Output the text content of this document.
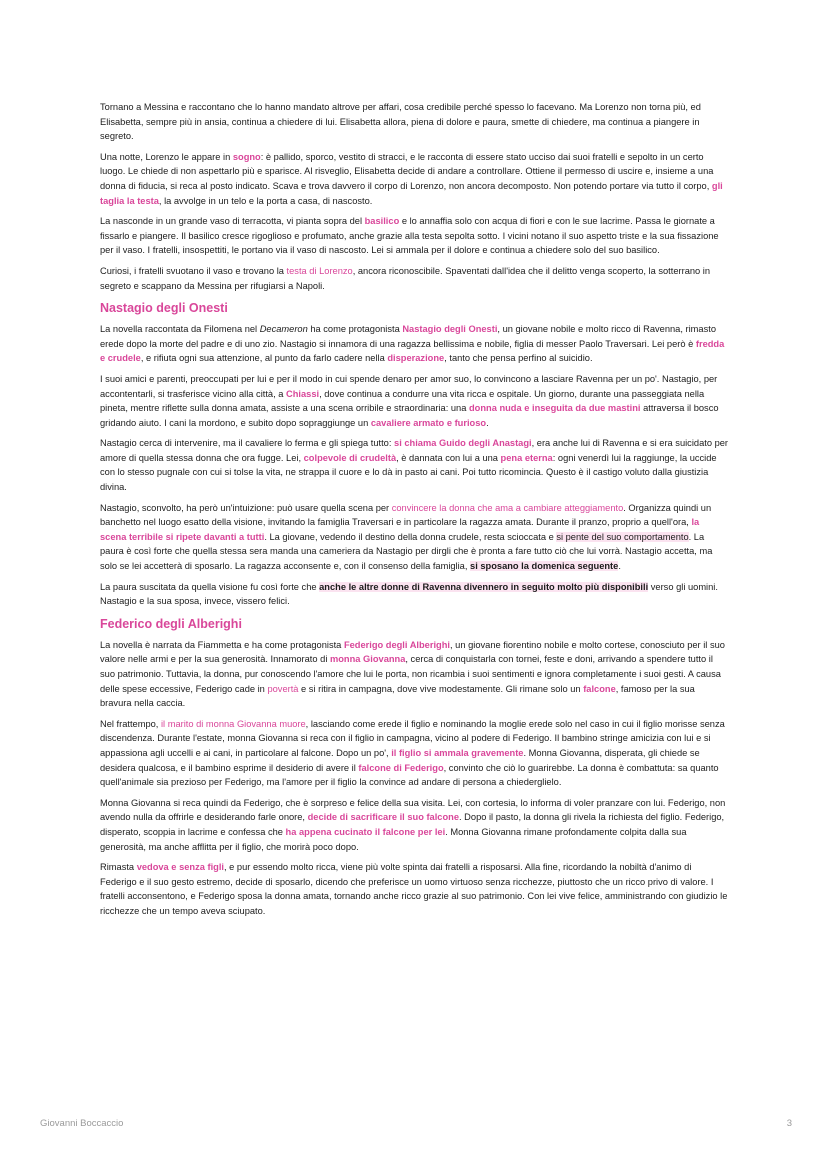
Tornano a Messina e raccontano che lo hanno mandato altrove per affari, cosa credibile perché spesso lo facevano. Ma Lorenzo non torna più, ed Elisabetta, sempre più in ansia, continua a chiedere di lui. Elisabetta allora, piena di dolore e paura, smette di chiedere, ma continua a piangere in segreto.

Una notte, Lorenzo le appare in sogno: è pallido, sporco, vestito di stracci, e le racconta di essere stato ucciso dai suoi fratelli e sepolto in un certo luogo. Le chiede di non aspettarlo più e sparisce. Al risveglio, Elisabetta decide di andare a controllare. Ottiene il permesso di uscire e, insieme a una donna di fiducia, si reca al posto indicato. Scava e trova davvero il corpo di Lorenzo, non ancora decomposto. Non potendo portare via tutto il corpo, gli taglia la testa, la avvolge in un telo e la porta a casa, di nascosto.

La nasconde in un grande vaso di terracotta, vi pianta sopra del basilico e lo annaffia solo con acqua di fiori e con le sue lacrime. Passa le giornate a fissarlo e piangere. Il basilico cresce rigoglioso e profumato, anche grazie alla testa sepolta sotto. I vicini notano il suo aspetto triste e la sua fissazione per il vaso. I fratelli, insospettiti, le portano via il vaso di nascosto. Lei si ammala per il dolore e continua a chiedere solo del suo basilico.

Curiosi, i fratelli svuotano il vaso e trovano la testa di Lorenzo, ancora riconoscibile. Spaventati dall'idea che il delitto venga scoperto, la sotterrano in segreto e scappano da Messina per rifugiarsi a Napoli.

Nastagio degli Onesti

La novella raccontata da Filomena nel Decameron ha come protagonista Nastagio degli Onesti, un giovane nobile e molto ricco di Ravenna, rimasto erede dopo la morte del padre e di uno zio. Nastagio si innamora di una ragazza bellissima e nobile, figlia di messer Paolo Traversari. Lei però è fredda e crudele, e rifiuta ogni sua attenzione, al punto da farlo cadere nella disperazione, tanto che pensa perfino al suicidio.

I suoi amici e parenti, preoccupati per lui e per il modo in cui spende denaro per amor suo, lo convincono a lasciare Ravenna per un po'. Nastagio, per accontentarli, si trasferisce vicino alla città, a Chiassi, dove continua a condurre una vita ricca e ospitale. Un giorno, durante una passeggiata nella pineta, mentre riflette sulla donna amata, assiste a una scena orribile e straordinaria: una donna nuda e inseguita da due mastini attraversa il bosco gridando aiuto. I cani la mordono, e subito dopo sopraggiunge un cavaliere armato e furioso.

Nastagio cerca di intervenire, ma il cavaliere lo ferma e gli spiega tutto: si chiama Guido degli Anastagi, era anche lui di Ravenna e si era suicidato per amore di quella stessa donna che ora fugge. Lei, colpevole di crudeltà, è dannata con lui a una pena eterna: ogni venerdì lui la raggiunge, la uccide con lo stesso pugnale con cui si tolse la vita, ne strappa il cuore e lo dà in pasto ai cani. Poi tutto ricomincia. Questo è il castigo voluto dalla giustizia divina.

Nastagio, sconvolto, ha però un'intuizione: può usare quella scena per convincere la donna che ama a cambiare atteggiamento. Organizza quindi un banchetto nel luogo esatto della visione, invitando la famiglia Traversari e in particolare la ragazza amata. Durante il pranzo, proprio a quell'ora, la scena terribile si ripete davanti a tutti. La giovane, vedendo il destino della donna crudele, resta scioccata e si pente del suo comportamento. La paura è così forte che quella stessa sera manda una cameriera da Nastagio per dirgli che è pronta a fare tutto ciò che lui vorrà. Nastagio accetta, ma solo se lei accetterà di sposarlo. La ragazza acconsente e, con il consenso della famiglia, si sposano la domenica seguente.

La paura suscitata da quella visione fu così forte che anche le altre donne di Ravenna divennero in seguito molto più disponibili verso gli uomini. Nastagio e la sua sposa, invece, vissero felici.

Federico degli Alberighi

La novella è narrata da Fiammetta e ha come protagonista Federigo degli Alberighi, un giovane fiorentino nobile e molto cortese, conosciuto per il suo valore nelle armi e per la sua generosità. Innamorato di monna Giovanna, cerca di conquistarla con tornei, feste e doni, arrivando a spendere tutto il suo patrimonio. Tuttavia, la donna, pur conoscendo l'amore che lui le porta, non ricambia i suoi sentimenti e ignora completamente i suoi gesti. A causa delle spese eccessive, Federigo cade in povertà e si ritira in campagna, dove vive modestamente. Gli rimane solo un falcone, famoso per la sua bravura nella caccia.

Nel frattempo, il marito di monna Giovanna muore, lasciando come erede il figlio e nominando la moglie erede solo nel caso in cui il figlio morisse senza discendenza. Durante l'estate, monna Giovanna si reca con il figlio in campagna, vicino al podere di Federigo. Il bambino stringe amicizia con lui e si appassiona agli uccelli e ai cani, in particolare al falcone. Dopo un po', il figlio si ammala gravemente. Monna Giovanna, disperata, gli chiede se desidera qualcosa, e il bambino esprime il desiderio di avere il falcone di Federigo, convinto che ciò lo guarirebbe. La donna è combattuta: sa quanto quell'animale sia prezioso per Federigo, ma l'amore per il figlio la convince ad andare di persona a chiederglielo.

Monna Giovanna si reca quindi da Federigo, che è sorpreso e felice della sua visita. Lei, con cortesia, lo informa di voler pranzare con lui. Federigo, non avendo nulla da offrirle e desiderando farle onore, decide di sacrificare il suo falcone. Dopo il pasto, la donna gli rivela la richiesta del figlio. Federigo, disperato, scoppia in lacrime e confessa che ha appena cucinato il falcone per lei. Monna Giovanna rimane profondamente colpita dalla sua generosità, ma anche afflitta per il figlio, che morirà poco dopo.

Rimasta vedova e senza figli, e pur essendo molto ricca, viene più volte spinta dai fratelli a risposarsi. Alla fine, ricordando la nobiltà d'animo di Federigo e il suo gesto estremo, decide di sposarlo, dicendo che preferisce un uomo virtuoso senza ricchezze, piuttosto che un ricco privo di valore. I fratelli acconsentono, e Federigo sposa la donna amata, tornando anche ricco grazie al suo patrimonio. Con lei vive felice, amministrando con giudizio le ricchezze che un tempo aveva sciupato.

Giovanni Boccaccio	3
